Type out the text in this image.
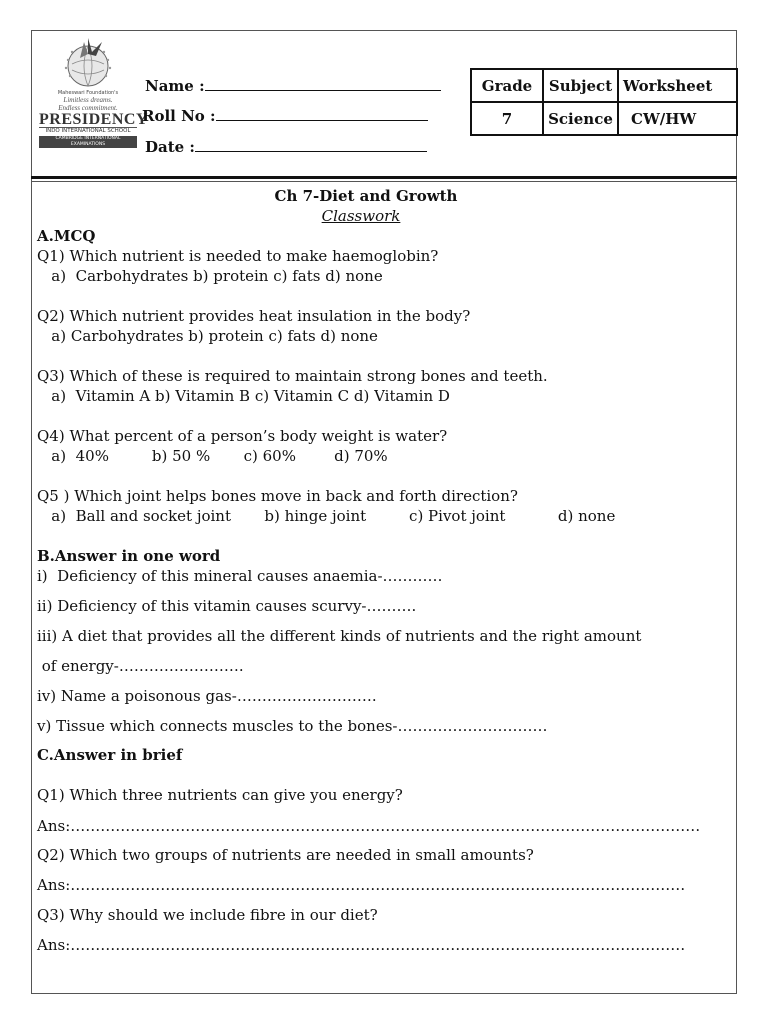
Maheswari Foundation's
Limitless dreams.
Endless commitment.
PRESIDENCY
INDO INTERNATIONAL SCHOOL
CAMBRIDGE INTERNATIONAL EXAMINATIONS
Name :
Roll No :
Date :
Grade	Subject	Worksheet
7	Science	CW/HW
Ch 7-Diet and Growth
Classwork
A.MCQ
Q1) Which nutrient is needed to make haemoglobin?
a)  Carbohydrates b) protein c) fats d) none
Q2) Which nutrient provides heat insulation in the body?
a) Carbohydrates b) protein c) fats d) none
Q3) Which of these is required to maintain strong bones and teeth.
a)  Vitamin A b) Vitamin B c) Vitamin C d) Vitamin D
Q4) What percent of a person’s body weight is water?
a)  40%         b) 50 %       c) 60%        d) 70%
Q5 ) Which joint helps bones move in back and forth direction?
a)  Ball and socket joint       b) hinge joint         c) Pivot joint           d) none
B.Answer in one word
i)  Deficiency of this mineral causes anaemia-…………
ii) Deficiency of this vitamin causes scurvy-……….
iii) A diet that provides all the different kinds of nutrients and the right amount
of energy-…………………….
iv) Name a poisonous gas-……………………….
v) Tissue which connects muscles to the bones-…………………………
C.Answer in brief
Q1) Which three nutrients can give you energy?
Ans:………………………………………………………………………………………………………………
Q2) Which two groups of nutrients are needed in small amounts?
Ans:……………………………………………………………………………………………………………
Q3) Why should we include fibre in our diet?
Ans:……………………………………………………………………………………………………………
